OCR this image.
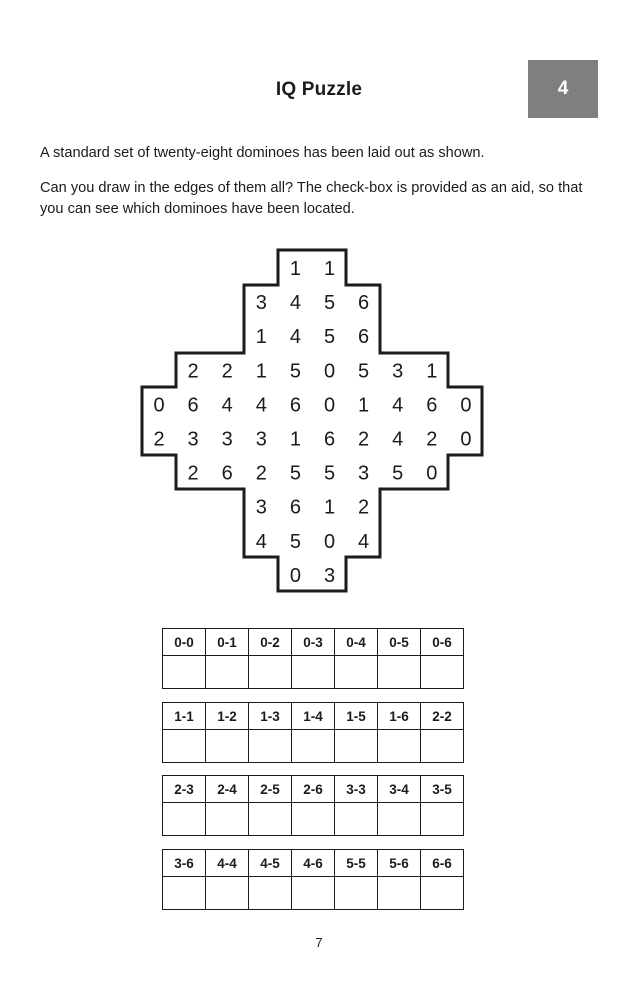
IQ Puzzle	4
A standard set of twenty-eight dominoes has been laid out as shown.
Can you draw in the edges of them all? The check-box is provided as an aid, so that you can see which dominoes have been located.
1 1
3 4 5 6
1 4 5 6
2 2 1 5 0 5 3 1
0 6 4 4 6 0 1 4 6 0
2 3 3 3 1 6 2 4 2 0
2 6 2 5 5 3 5 0
3 6 1 2
4 5 0 4
0 3
0-0	0-1	0-2	0-3	0-4	0-5	0-6

1-1	1-2	1-3	1-4	1-5	1-6	2-2

2-3	2-4	2-5	2-6	3-3	3-4	3-5

3-6	4-4	4-5	4-6	5-5	5-6	6-6

7
